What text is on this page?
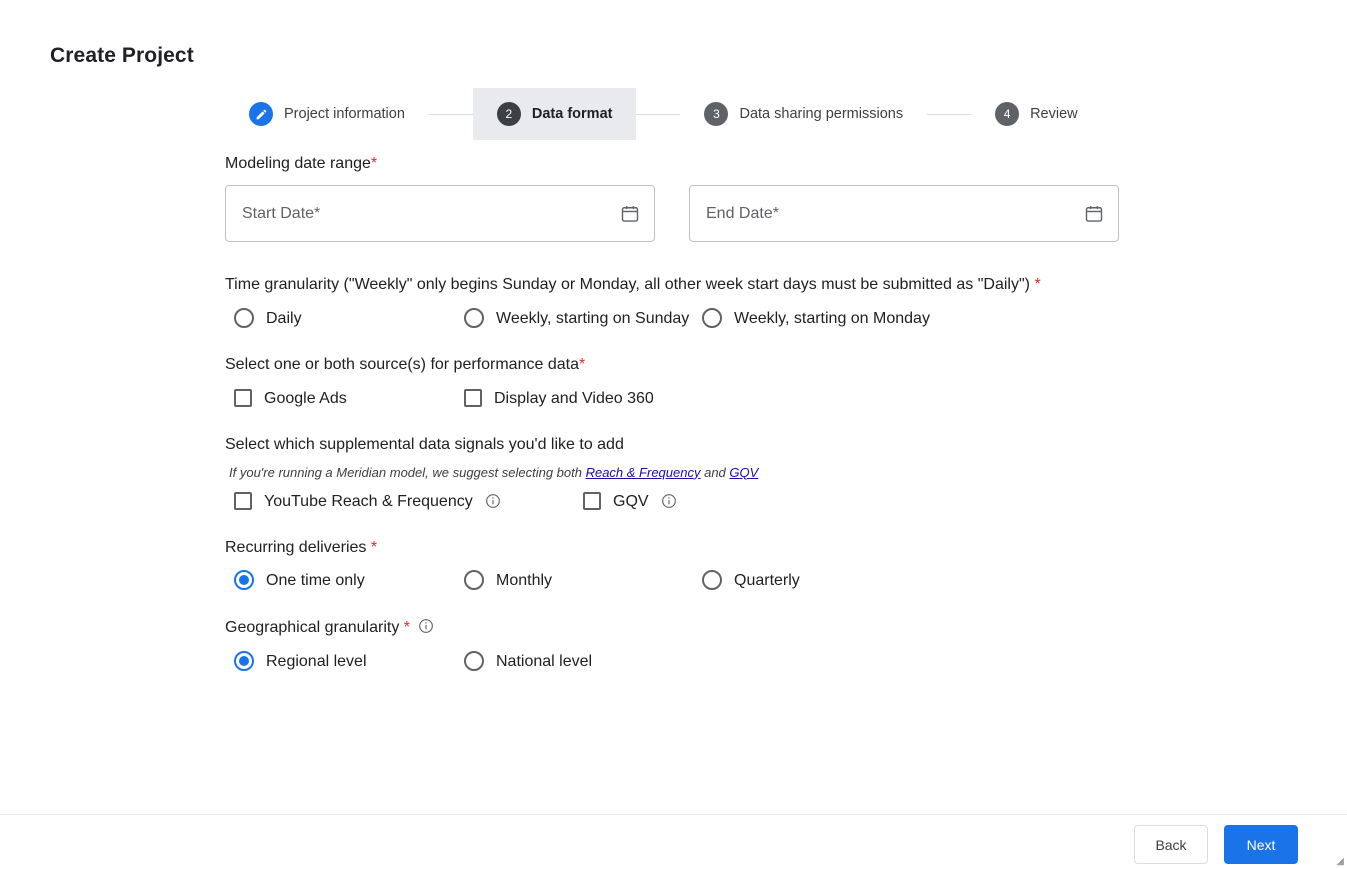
Create Project
Project information	2	Data format	3	Data sharing permissions	4	Review
Modeling date range*
Start Date*	End Date*
Time granularity ("Weekly" only begins Sunday or Monday, all other week start days must be submitted as "Daily") *
Daily	Weekly, starting on Sunday	Weekly, starting on Monday
Select one or both source(s) for performance data*
Google Ads	Display and Video 360
Select which supplemental data signals you'd like to add
If you're running a Meridian model, we suggest selecting both Reach & Frequency and GQV
YouTube Reach & Frequency	GQV
Recurring deliveries *
One time only	Monthly	Quarterly
Geographical granularity *
Regional level	National level
Back	Next
◢
